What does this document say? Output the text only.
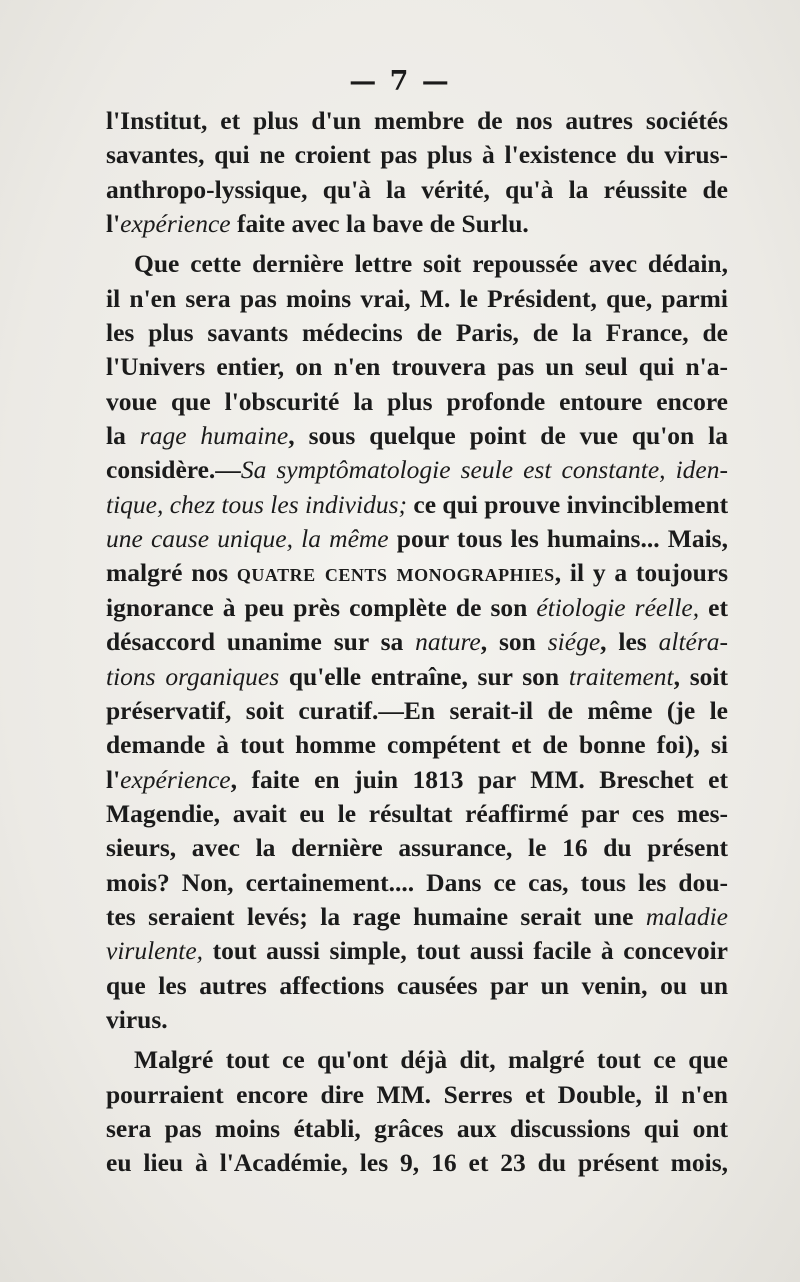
— 7 —
l'Institut, et plus d'un membre de nos autres sociétés
savantes, qui ne croient pas plus à l'existence du virus-
anthropo-lyssique, qu'à la vérité, qu'à la réussite de
l'expérience faite avec la bave de Surlu.
Que cette dernière lettre soit repoussée avec dédain,
il n'en sera pas moins vrai, M. le Président, que, parmi
les plus savants médecins de Paris, de la France, de
l'Univers entier, on n'en trouvera pas un seul qui n'a-
voue que l'obscurité la plus profonde entoure encore
la rage humaine, sous quelque point de vue qu'on la
considère.—Sa symptômatologie seule est constante, iden-
tique, chez tous les individus; ce qui prouve invinciblement
une cause unique, la même pour tous les humains... Mais,
malgré nos quatre cents monographies, il y a toujours
ignorance à peu près complète de son étiologie réelle, et
désaccord unanime sur sa nature, son siége, les altéra-
tions organiques qu'elle entraîne, sur son traitement, soit
préservatif, soit curatif.—En serait-il de même (je le
demande à tout homme compétent et de bonne foi), si
l'expérience, faite en juin 1813 par MM. Breschet et
Magendie, avait eu le résultat réaffirmé par ces mes-
sieurs, avec la dernière assurance, le 16 du présent
mois? Non, certainement.... Dans ce cas, tous les dou-
tes seraient levés; la rage humaine serait une maladie
virulente, tout aussi simple, tout aussi facile à concevoir
que les autres affections causées par un venin, ou un
virus.
Malgré tout ce qu'ont déjà dit, malgré tout ce que
pourraient encore dire MM. Serres et Double, il n'en
sera pas moins établi, grâces aux discussions qui ont
eu lieu à l'Académie, les 9, 16 et 23 du présent mois,
